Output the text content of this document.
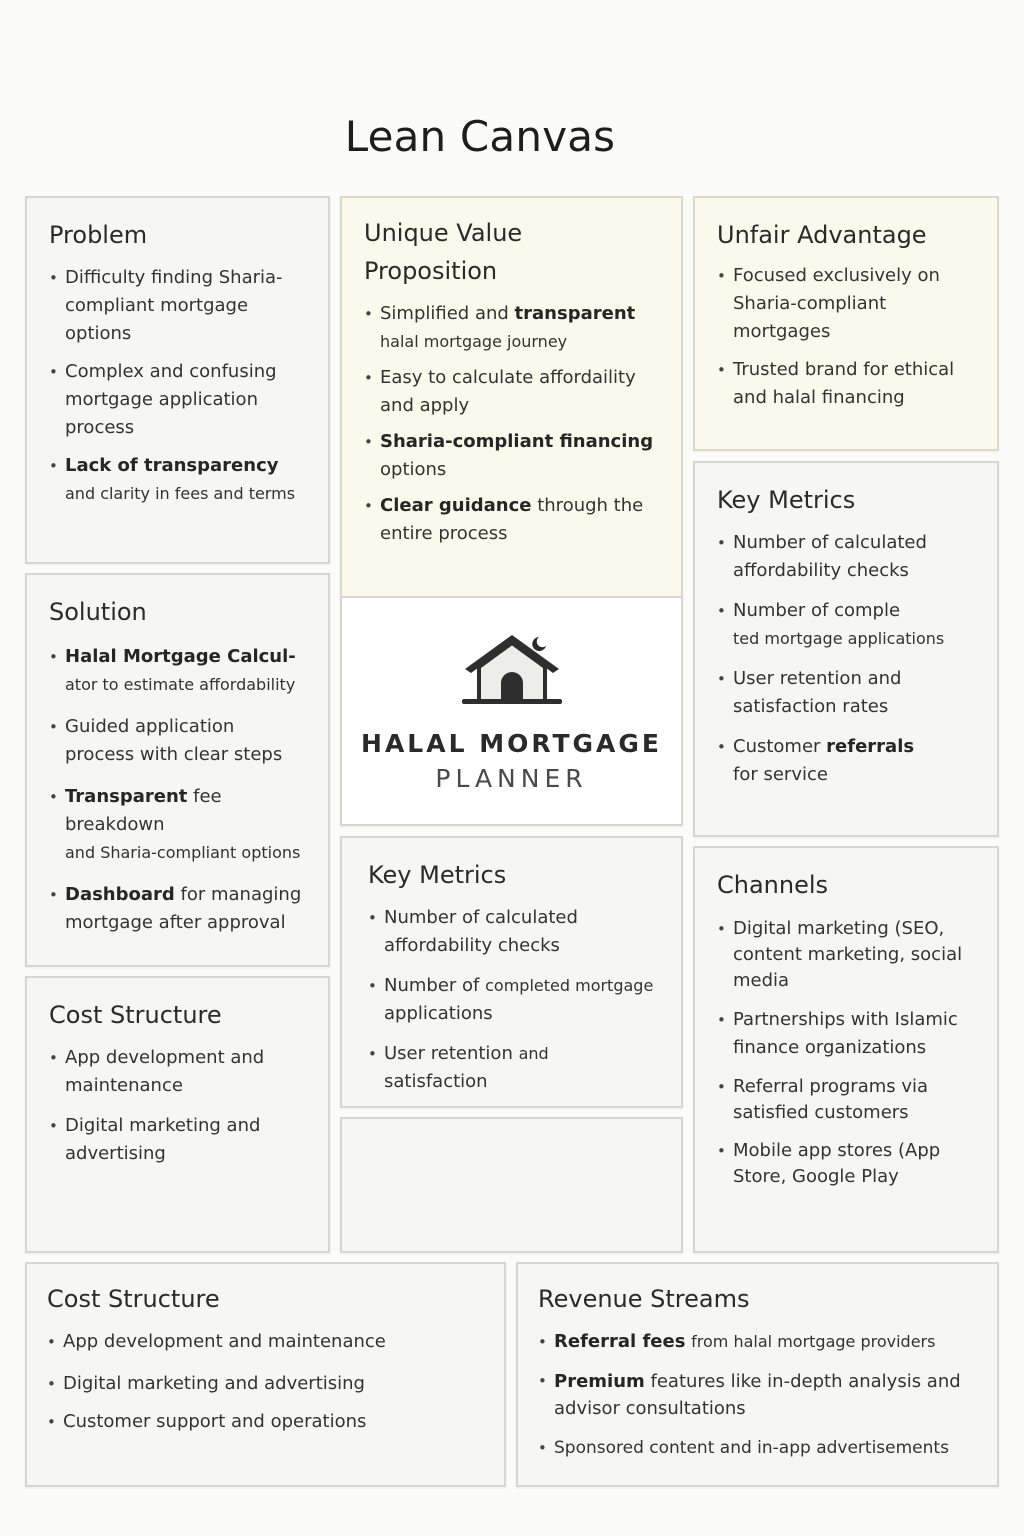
Lean Canvas
Problem
• Difficulty finding Sharia-compliant mortgage options
• Complex and confusing mortgage application process
• Lack of transparency and clarity in fees and terms
Unique Value Proposition
• Simplified and transparent
halal mortgage journey
• Easy to calculate affordaility and apply
• Sharia-compliant financing
options
• Clear guidance through the entire process
HALAL MORTGAGE
PLANNER
Unfair Advantage
• Focused exclusively on Sharia-compliant mortgages
• Trusted brand for ethical and halal financing
Key Metrics
• Number of calculated affordability checks
• Number of comple
ted mortgage applications
• User retention and satisfaction rates
• Customer referrals
for service
Solution
• Halal Mortgage Calcul-
ator to estimate affordability
• Guided application process with clear steps
• Transparent fee breakdown
and Sharia-compliant options
• Dashboard for managing mortgage after approval
Key Metrics
• Number of calculated affordability checks
• Number of completed mortgage
applications
• User retention and satisfaction
Channels
• Digital marketing (SEO, content marketing, social media
• Partnerships with Islamic finance organizations
• Referral programs via satisfied customers
• Mobile app stores (App Store, Google Play
Cost Structure
• App development and maintenance
• Digital marketing and advertising
Cost Structure
• App development and maintenance
• Digital marketing and advertising
• Customer support and operations
Revenue Streams
• Referral fees from halal mortgage providers
• Premium features like in-depth analysis and advisor consultations
• Sponsored content and in-app advertisements
